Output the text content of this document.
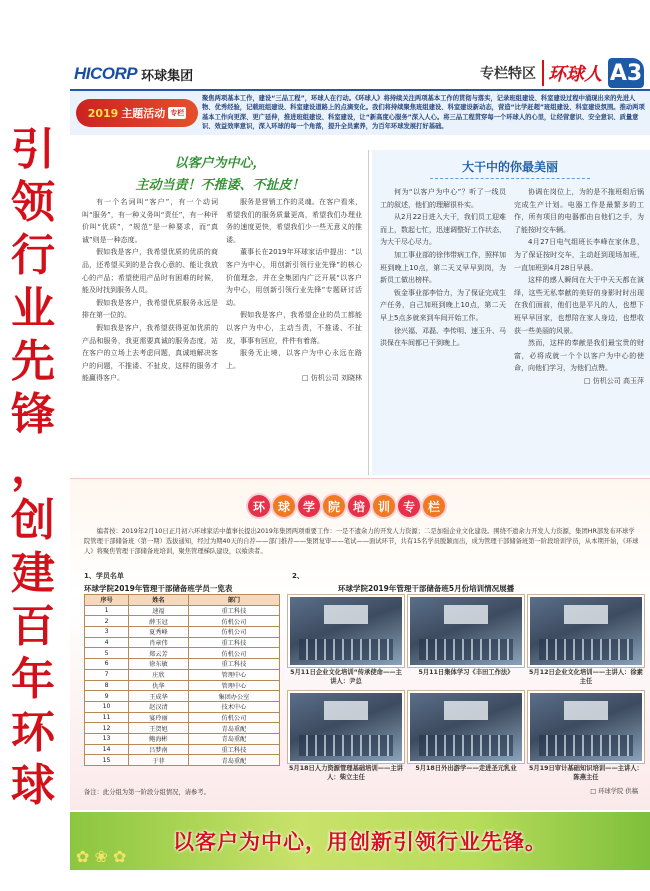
引
领
行
业
先
锋
，
创
建
百
年
环
球
HICORP 环球集团	专栏特区 环球人 A3
2019 主题活动 专栏
聚焦两项基本工作，建设“三品工程”，环球人在行动。《环球人》将持续关注两项基本工作的贯彻与落实，记录班组建设、科室建设过程中涌现出来的先进人物、优秀经验，记载班组建设、科室建设道路上的点滴变化。我们将持续聚焦班组建设、科室建设新动态，营造“比学赶超”班组建设、科室建设氛围。推动两项基本工作向更深、更广延伸，推进班组建设、科室建设，让“新高度心服务”深入人心。将三品工程贯穿每一个环球人的心里，让经营意识、安全意识、质量意识、效益效率意识，深入环球的每一个角落，提升全员素养，为百年环球发展打好基础。
以客户为中心，
主动当责！不推诿、不扯皮！

有一个名词叫“客户”，有一个动词叫“服务”，有一种义务叫“责任”，有一种评价叫“优质”，“规范”是一种要求，而“真诚”则是一种态度。

假如我是客户，我希望优质的优质的商品，还希望买到的是合我心意的、能让我放心的产品；希望使用产品时有困难的时候，能及时找到服务人员。

假如我是客户，我希望优质服务永远是排在第一位的。

假如我是客户，我希望获得更加优质的产品和服务，我更需要真诚的服务态度，站在客户的立场上去考虑问题，真诚地解决客户的问题，不推诿、不扯皮，这样的服务才能赢得客户。

服务是营销工作的灵魂。在客户看来，希望我们的服务质量更高，希望我们办理业务的速度更快，希望我们少一些无意义的推诿。

董事长在2019年环球家话中提出：“以客户为中心，用创新引领行业先锋”的核心价值理念，并在全集团内广泛开展“以客户为中心，用创新引领行业先锋”专题研讨活动。

假如我是客户，我希望企业的员工都能以客户为中心，主动当责，不推诿、不扯皮，事事有回应，件件有着落。

服务无止境，以客户为中心永远在路上。

□ 仿机公司 刘晓林

大干中的你最美丽

何为“以客户为中心”？听了一线员工的叙述，他们的理解很朴实。

从2月22日进入大干，我们员工迎难而上，数起七忙，迅速调整好工作状态，为大干尽心尽力。

加工事业部的徐伟带病工作，照样加班到晚上10点，第二天又早早到岗，为新员工做出榜样。

钣金事业部李恰力，为了保证完成生产任务，自己加班到晚上10点，第二天早上5点多就来到车间开始工作。

徐兴福、邓磊、李传明、速玉升、马洪保在车间都已干到晚上。

协调在岗位上，为的是不拖班组后锅完成生产计划。电器工作是最繁多的工作，所有项目的电器都由自他们之手，为了能按时交车辆。

4月27日电气组班长李峰在家休息，为了保证按时交车，主动赶到现场加班，一直加班到4月28日早晨。

这样的感人瞬间在大干中天天都在演绎，这些无私奉献的美好的身影时时出现在我们面前，他们也是平凡的人，也想下班早早回家，也想陪在家人身边，也想收获一些美丽的风景。

然而，这样的奉献是我们最宝贵的财富，必将成就一个个以客户为中心的使命，向他们学习，为他们点赞。

□ 仿机公司 高玉萍

环	球	学	院	培	训	专	栏
编者按：2019年2月10日正月初六环球家话中董事长提出2019年集团两项重要工作：一是不遗余力的开发人力资源；二是加强企业文化建设。围绕不遗余力开发人力资源，集团HR部发布环球学院管理干部储备班（第一期）选拔通知，经过为期40天的自荐——部门推荐——集团复审——笔试——面试环节，共有15名学员脱颖而出，成为管理干部储备班第一阶段培训学员，从本期开始，《环球人》将聚焦管理干部储备班培训，聚焦管理梯队建设，以飨读者。
1、学员名单
环球学院2019年管理干部储备班学员一览表
序号	姓名	部门
1	速福	重工科技
2	薛玉冠	仿机公司
3	夏秀峰	仿机公司
4	肖章伟	重工科技
5	郑云芳	仿机公司
6	徐东敏	重工科技
7	庄欣	管理中心
8	仇华	管理中心
9	王成华	集团办公室
10	赵汉清	技术中心
11	宴玲丽	仿机公司
12	王贺旭	青岛重配
13	鲍海彬	青岛重配
14	吕梦南	重工科技
15	于菲	青岛重配
备注：此分组为第一阶段分组情况，请参考。
2、
环球学院2019年管理干部储备班5月份培训情况展播
5月11日企业文化培训“传承使命——主讲人：尹总
5月11日集体学习《丰田工作法》	5月12日企业文化培训——主讲人：徐素主任
5月18日人力资源管理基础培训——主讲人：柴立主任
5月18日外出游学——走进圣元乳业	5月19日审计基础知识培训——主讲人：陈燕主任
□ 环球学院 供稿
✿ ❀ ✿
以客户为中心，用创新引领行业先锋。
